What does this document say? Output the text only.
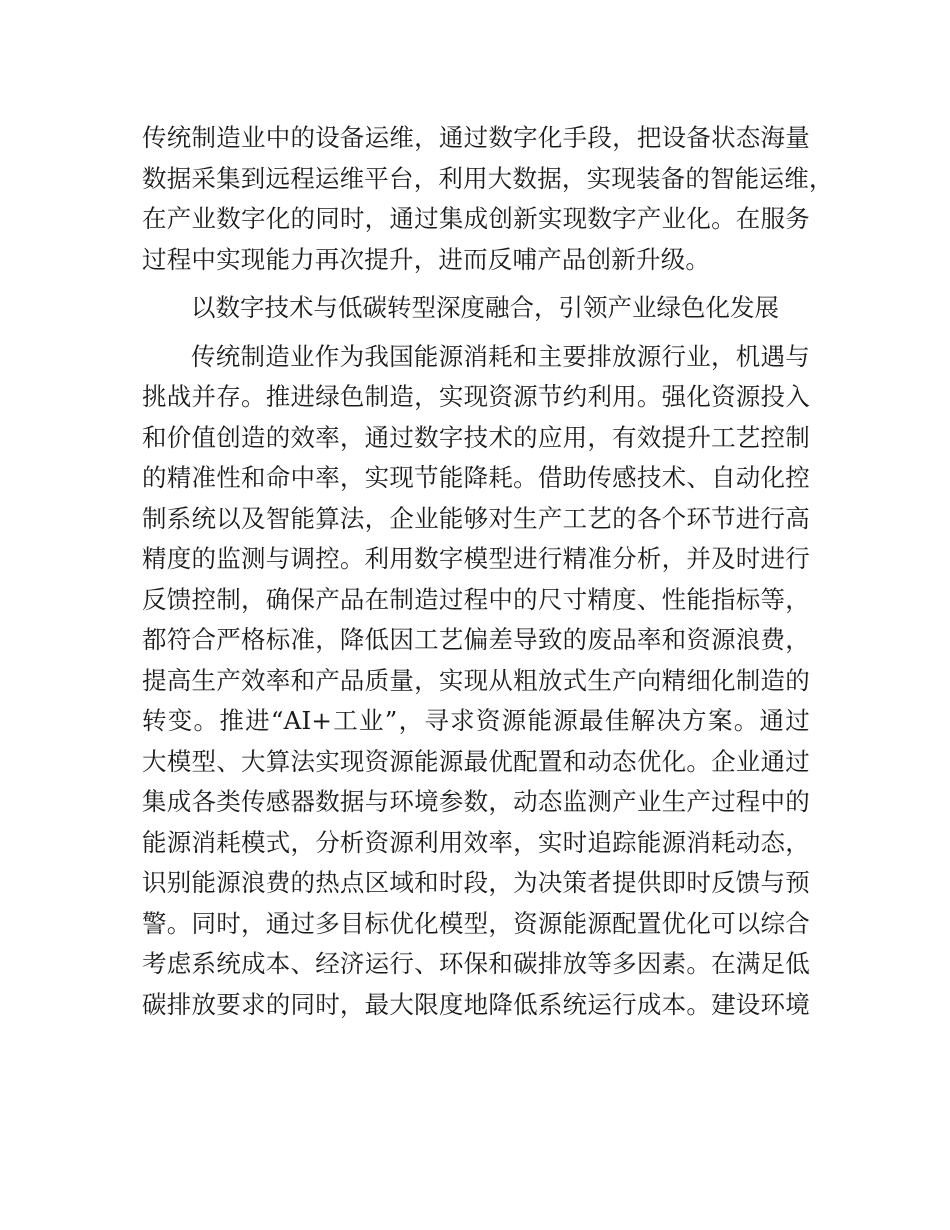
传统制造业中的设备运维，通过数字化手段，把设备状态海量
数据采集到远程运维平台，利用大数据，实现装备的智能运维，
在产业数字化的同时，通过集成创新实现数字产业化。在服务
过程中实现能力再次提升，进而反哺产品创新升级。
以数字技术与低碳转型深度融合，引领产业绿色化发展
传统制造业作为我国能源消耗和主要排放源行业，机遇与
挑战并存。推进绿色制造，实现资源节约利用。强化资源投入
和价值创造的效率，通过数字技术的应用，有效提升工艺控制
的精准性和命中率，实现节能降耗。借助传感技术、自动化控
制系统以及智能算法，企业能够对生产工艺的各个环节进行高
精度的监测与调控。利用数字模型进行精准分析，并及时进行
反馈控制，确保产品在制造过程中的尺寸精度、性能指标等，
都符合严格标准，降低因工艺偏差导致的废品率和资源浪费，
提高生产效率和产品质量，实现从粗放式生产向精细化制造的
转变。推进“AI+工业”，寻求资源能源最佳解决方案。通过
大模型、大算法实现资源能源最优配置和动态优化。企业通过
集成各类传感器数据与环境参数，动态监测产业生产过程中的
能源消耗模式，分析资源利用效率，实时追踪能源消耗动态，
识别能源浪费的热点区域和时段，为决策者提供即时反馈与预
警。同时，通过多目标优化模型，资源能源配置优化可以综合
考虑系统成本、经济运行、环保和碳排放等多因素。在满足低
碳排放要求的同时，最大限度地降低系统运行成本。建设环境
